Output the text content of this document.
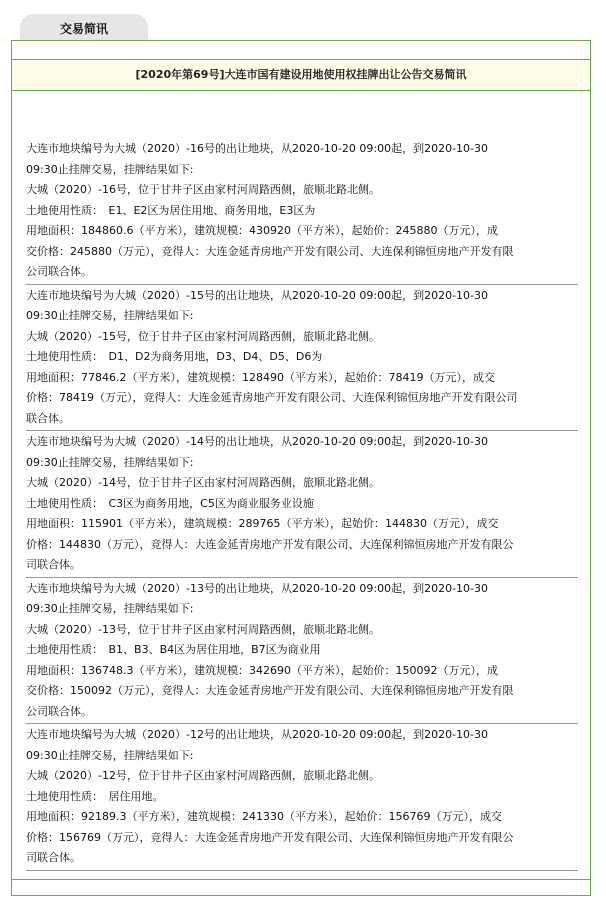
交易简讯
[2020年第69号]大连市国有建设用地使用权挂牌出让公告交易简讯
大连市地块编号为大城（2020）-16号的出让地块，从2020-10-20 09:00起，到2020-10-30
09:30止挂牌交易，挂牌结果如下:
大城（2020）-16号，位于甘井子区由家村河周路西侧，旅顺北路北侧。
土地使用性质：　E1、E2区为居住用地、商务用地，E3区为
用地面积：184860.6（平方米），建筑规模：430920（平方米），起始价：245880（万元），成
交价格：245880（万元），竞得人：大连金延青房地产开发有限公司、大连保利锦恒房地产开发有限
公司联合体。
大连市地块编号为大城（2020）-15号的出让地块，从2020-10-20 09:00起，到2020-10-30
09:30止挂牌交易，挂牌结果如下:
大城（2020）-15号，位于甘井子区由家村河周路西侧，旅顺北路北侧。
土地使用性质：　D1、D2为商务用地，D3、D4、D5、D6为
用地面积：77846.2（平方米），建筑规模：128490（平方米），起始价：78419（万元），成交
价格：78419（万元），竞得人：大连金延青房地产开发有限公司、大连保利锦恒房地产开发有限公司
联合体。
大连市地块编号为大城（2020）-14号的出让地块，从2020-10-20 09:00起，到2020-10-30
09:30止挂牌交易，挂牌结果如下:
大城（2020）-14号，位于甘井子区由家村河周路西侧，旅顺北路北侧。
土地使用性质：　C3区为商务用地，C5区为商业服务业设施
用地面积：115901（平方米），建筑规模：289765（平方米），起始价：144830（万元），成交
价格：144830（万元），竞得人：大连金延青房地产开发有限公司、大连保利锦恒房地产开发有限公
司联合体。
大连市地块编号为大城（2020）-13号的出让地块，从2020-10-20 09:00起，到2020-10-30
09:30止挂牌交易，挂牌结果如下:
大城（2020）-13号，位于甘井子区由家村河周路西侧，旅顺北路北侧。
土地使用性质：　B1、B3、B4区为居住用地，B7区为商业用
用地面积：136748.3（平方米），建筑规模：342690（平方米），起始价：150092（万元），成
交价格：150092（万元），竞得人：大连金延青房地产开发有限公司、大连保利锦恒房地产开发有限
公司联合体。
大连市地块编号为大城（2020）-12号的出让地块，从2020-10-20 09:00起，到2020-10-30
09:30止挂牌交易，挂牌结果如下:
大城（2020）-12号，位于甘井子区由家村河周路西侧，旅顺北路北侧。
土地使用性质：　居住用地。
用地面积：92189.3（平方米），建筑规模：241330（平方米），起始价：156769（万元），成交
价格：156769（万元），竞得人：大连金延青房地产开发有限公司、大连保利锦恒房地产开发有限公
司联合体。
